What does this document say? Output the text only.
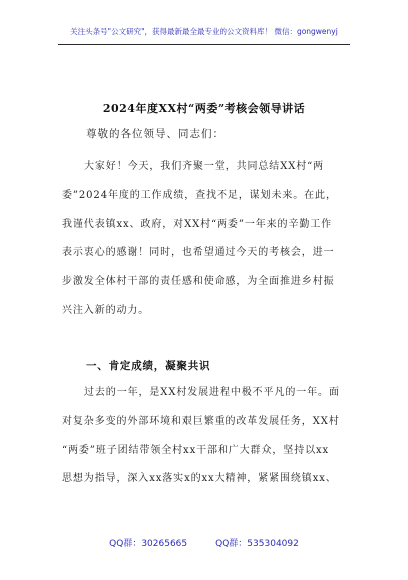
关注头条号"公文研究"，获得最新最全最专业的公文资料库！ 微信：gongwenyj
2024年度XX村“两委”考核会领导讲话
尊敬的各位领导、同志们：
大家好！今天，我们齐聚一堂，共同总结XX村“两
委”2024年度的工作成绩，查找不足，谋划未来。在此，
我谨代表镇xx、政府，对XX村“两委”一年来的辛勤工作
表示衷心的感谢！同时，也希望通过今天的考核会，进一
步激发全体村干部的责任感和使命感，为全面推进乡村振
兴注入新的动力。
一、肯定成绩，凝聚共识
过去的一年，是XX村发展进程中极不平凡的一年。面
对复杂多变的外部环境和艰巨繁重的改革发展任务，XX村
“两委”班子团结带领全村xx干部和广大群众，坚持以xx
思想为指导，深入xx落实x的xx大精神，紧紧围绕镇xx、
QQ群：30265665	QQ群：535304092
